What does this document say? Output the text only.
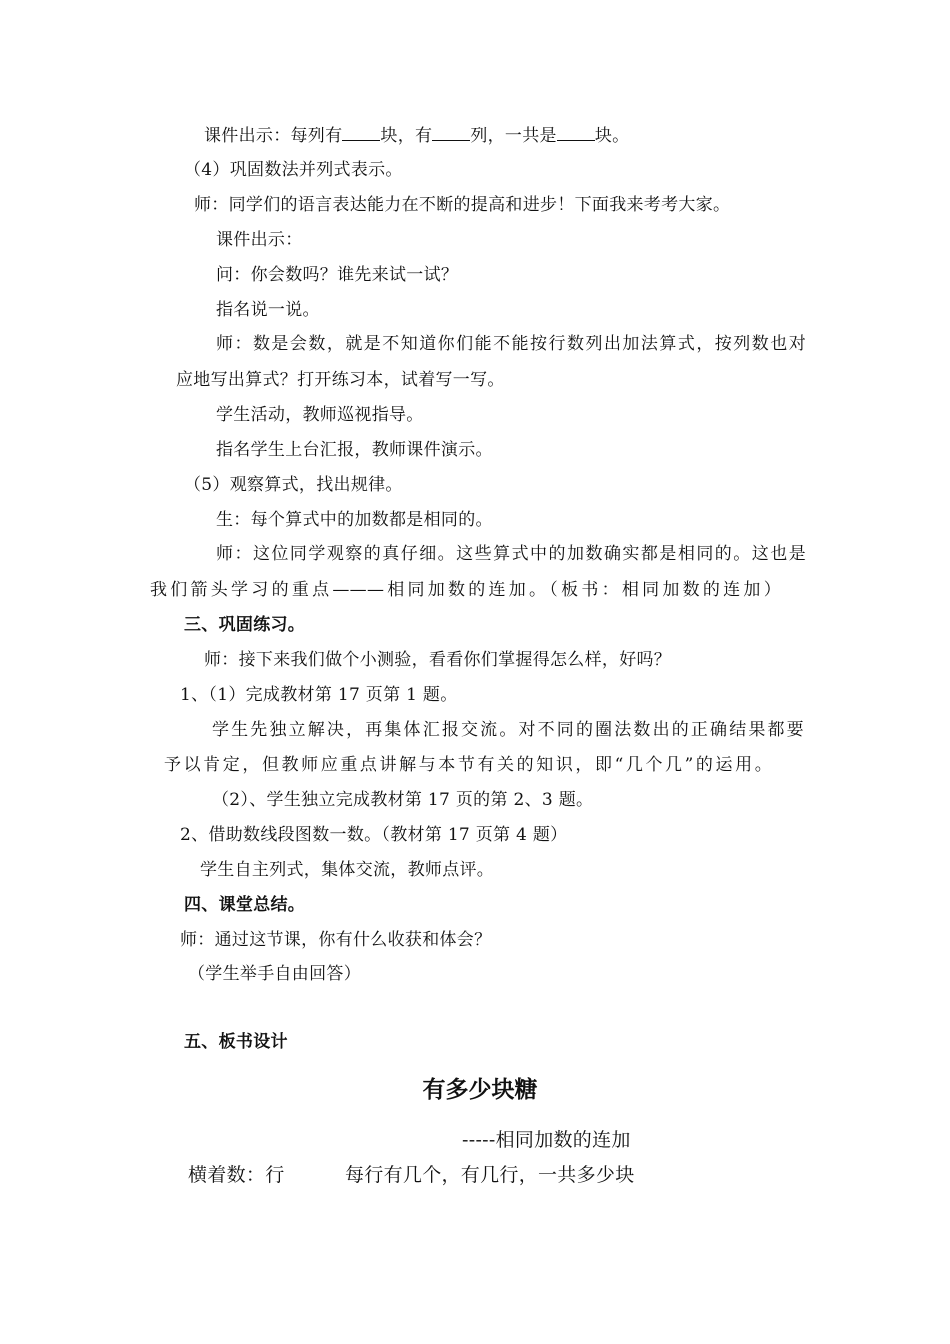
课件出示：每列有 块，有 列，一共是 块。
（4）巩固数法并列式表示。
师：同学们的语言表达能力在不断的提高和进步！下面我来考考大家。
课件出示：
问：你会数吗？谁先来试一试？
指名说一说。
师：数是会数，就是不知道你们能不能按行数列出加法算式，按列数也对
应地写出算式？打开练习本，试着写一写。
学生活动，教师巡视指导。
指名学生上台汇报，教师课件演示。
（5）观察算式，找出规律。
生：每个算式中的加数都是相同的。
师：这位同学观察的真仔细。这些算式中的加数确实都是相同的。这也是
我们箭头学习的重点———相同加数的连加。（板书：相同加数的连加）
三、巩固练习。
师：接下来我们做个小测验，看看你们掌握得怎么样，好吗？
1、（1）完成教材第 17 页第 1 题。
学生先独立解决，再集体汇报交流。对不同的圈法数出的正确结果都要
予以肯定，但教师应重点讲解与本节有关的知识，即“几个几”的运用。
（2）、学生独立完成教材第 17 页的第 2、3 题。
2、借助数线段图数一数。（教材第 17 页第 4 题）
学生自主列式，集体交流，教师点评。
四、课堂总结。
师：通过这节课，你有什么收获和体会？
（学生举手自由回答）
五、板书设计
有多少块糖
-----相同加数的连加
横着数：行	每行有几个，有几行，一共多少块
